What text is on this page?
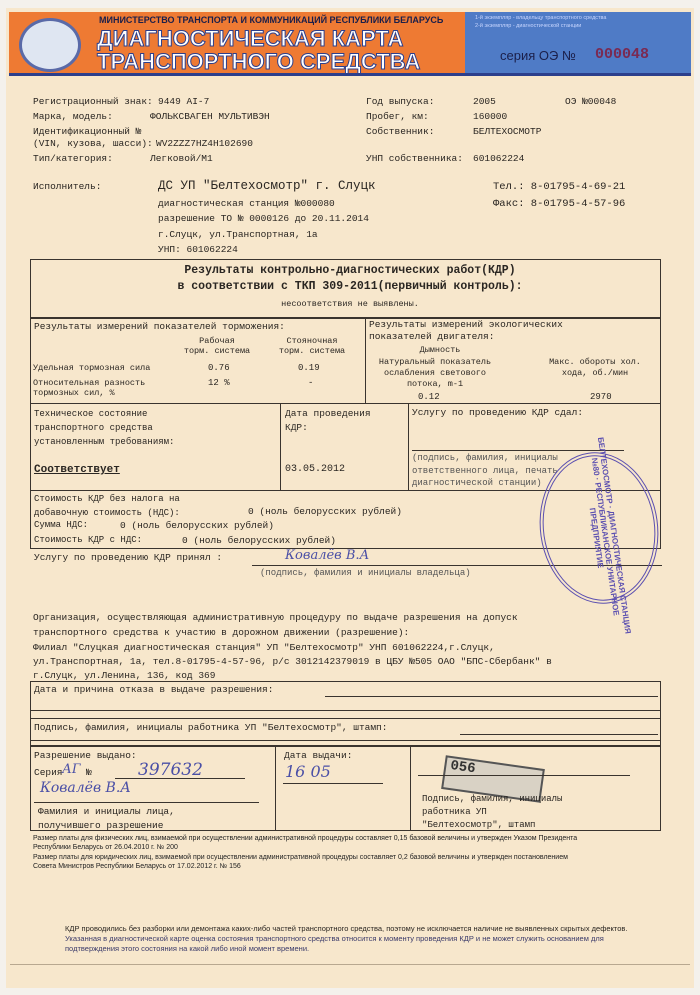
МИНИСТЕРСТВО ТРАНСПОРТА И КОММУНИКАЦИЙ РЕСПУБЛИКИ БЕЛАРУСЬ
ДИАГНОСТИЧЕСКАЯ КАРТА
ТРАНСПОРТНОГО СРЕДСТВА
1-й экземпляр - владельцу транспортного средства
2-й экземпляр - диагностической станции
серия ОЭ № 000048
Регистрационный знак: 9449 AI-7
Марка, модель:	ФОЛЬКСВАГЕН МУЛЬТИВЭН
Идентификационный №
(VIN, кузова, шасси): WV2ZZZ7HZ4H102690
Тип/категория:	Легковой/M1
Год выпуска:	2005	ОЭ №00048
Пробег, км:	160000
Собственник:	БЕЛТЕХОСМОТР
УНП собственника: 601062224
Исполнитель:	ДС УП "Белтехосмотр" г. Слуцк
диагностическая станция №000080
разрешение ТО № 0000126 до 20.11.2014
г.Слуцк, ул.Транспортная, 1а
УНП: 601062224
Тел.: 8-01795-4-69-21
Факс: 8-01795-4-57-96
Результаты контрольно-диагностических работ(КДР)
в соответствии с ТКП 309-2011(первичный контроль):
несоответствия не выявлены.
Результаты измерений показателей торможения:
Рабочая
торм. система
Стояночная
торм. система
Удельная тормозная сила	0.76	0.19
Относительная разность
тормозных сил, %
12 %	-
Результаты измерений экологических
показателей двигателя:
Дымность
Натуральный показатель
ослабления светового
потока, m-1
Макс. обороты хол.
хода, об./мин
0.12	2970
Техническое состояние
транспортного средства
установленным требованиям:
Соответствует
Дата проведения
КДР:
03.05.2012
Услугу по проведению КДР сдал:
(подпись, фамилия, инициалы
ответственного лица, печать
диагностической станции)
Стоимость КДР без налога на
добавочную стоимость (НДС):	0 (ноль белорусских рублей)
Сумма НДС:	0 (ноль белорусских рублей)
Стоимость КДР с НДС:	0 (ноль белорусских рублей)
Услугу по проведению КДР принял :	Ковалёв В.А
(подпись, фамилия и инициалы владельца)
Организация, осуществляющая административную процедуру по выдаче разрешения на допуск
транспортного средства к участию в дорожном движении (разрешение):
Филиал "Слуцкая диагностическая станция" УП "Белтехосмотр" УНП 601062224,г.Слуцк,
ул.Транспортная, 1а, тел.8-01795-4-57-96, р/с 3012142379019 в ЦБУ №505 ОАО "БПС-Сбербанк" в
г.Слуцк, ул.Ленина, 136, код 369
Дата и причина отказа в выдаче разрешения:
Подпись, фамилия, инициалы работника УП "Белтехосмотр", штамп:
Разрешение выдано:
Серия АГ №	397632
Ковалёв В.А
Фамилия и инициалы лица,
получившего разрешение
Дата выдачи:
16 05	056
Подпись, фамилия, инициалы
работника УП
"Белтехосмотр", штамп
БЕЛТЕХОСМОТР · ДИАГНОСТИЧЕСКАЯ СТАНЦИЯ №80 · РЕСПУБЛИКАНСКОЕ УНИТАРНОЕ ПРЕДПРИЯТИЕ
Размер платы для физических лиц, взимаемой при осуществлении административной процедуры составляет 0,15 базовой величины и утвержден Указом Президента
Республики Беларусь от 26.04.2010 г. № 200
Размер платы для юридических лиц, взимаемой при осуществлении административной процедуры составляет 0,2 базовой величины и утвержден постановлением
Совета Министров Республики Беларусь от 17.02.2012 г. № 156
КДР проводились без разборки или демонтажа каких-либо частей транспортного средства, поэтому не исключается наличие не выявленных скрытых дефектов.
Указанная в диагностической карте оценка состояния транспортного средства относится к моменту проведения КДР и не может служить основанием для
подтверждения этого состояния на какой либо иной момент времени.
